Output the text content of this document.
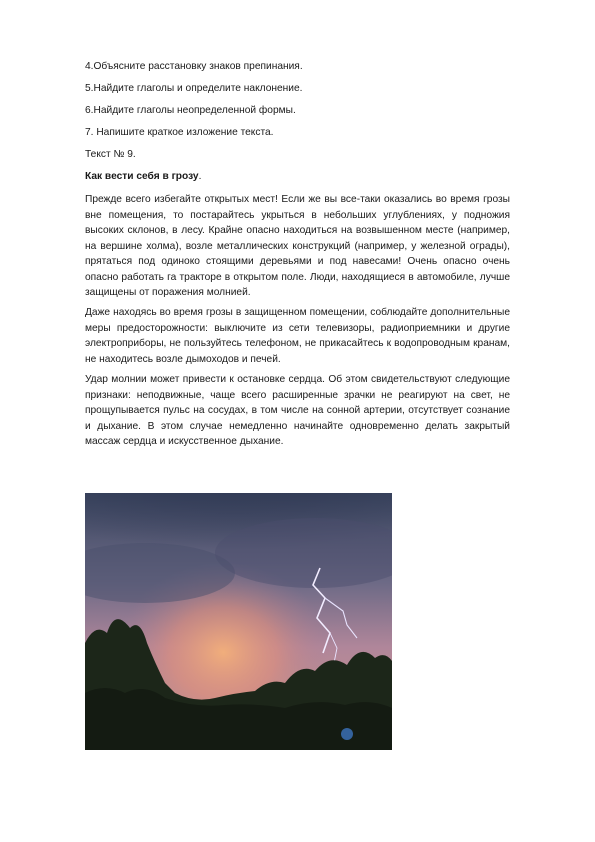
4.Объясните расстановку знаков препинания.
5.Найдите глаголы и определите наклонение.
6.Найдите глаголы неопределенной формы.
7. Напишите краткое изложение текста.
Текст № 9.
Как вести себя в грозу.
Прежде всего избегайте открытых мест! Если же вы все-таки оказались во время грозы вне помещения, то постарайтесь укрыться в небольших углублениях, у подножия высоких склонов, в лесу. Крайне опасно находиться на возвышенном месте (например, на вершине холма), возле металлических конструкций (например, у железной ограды), прятаться под одиноко стоящими деревьями и под навесами! Очень опасно очень опасно работать га тракторе в открытом поле. Люди, находящиеся в автомобиле, лучше защищены от поражения молнией.
Даже находясь во время грозы в защищенном помещении, соблюдайте дополнительные меры предосторожности: выключите из сети телевизоры, радиоприемники и другие электроприборы, не пользуйтесь телефоном, не прикасайтесь к водопроводным кранам, не находитесь возле дымоходов и печей.
Удар молнии может привести к остановке сердца. Об этом свидетельствуют следующие признаки: неподвижные, чаще всего расширенные зрачки не реагируют на свет, не прощупывается пульс на сосудах, в том числе на сонной артерии, отсутствует сознание и дыхание. В этом случае немедленно начинайте одновременно делать закрытый массаж сердца и искусственное дыхание.
